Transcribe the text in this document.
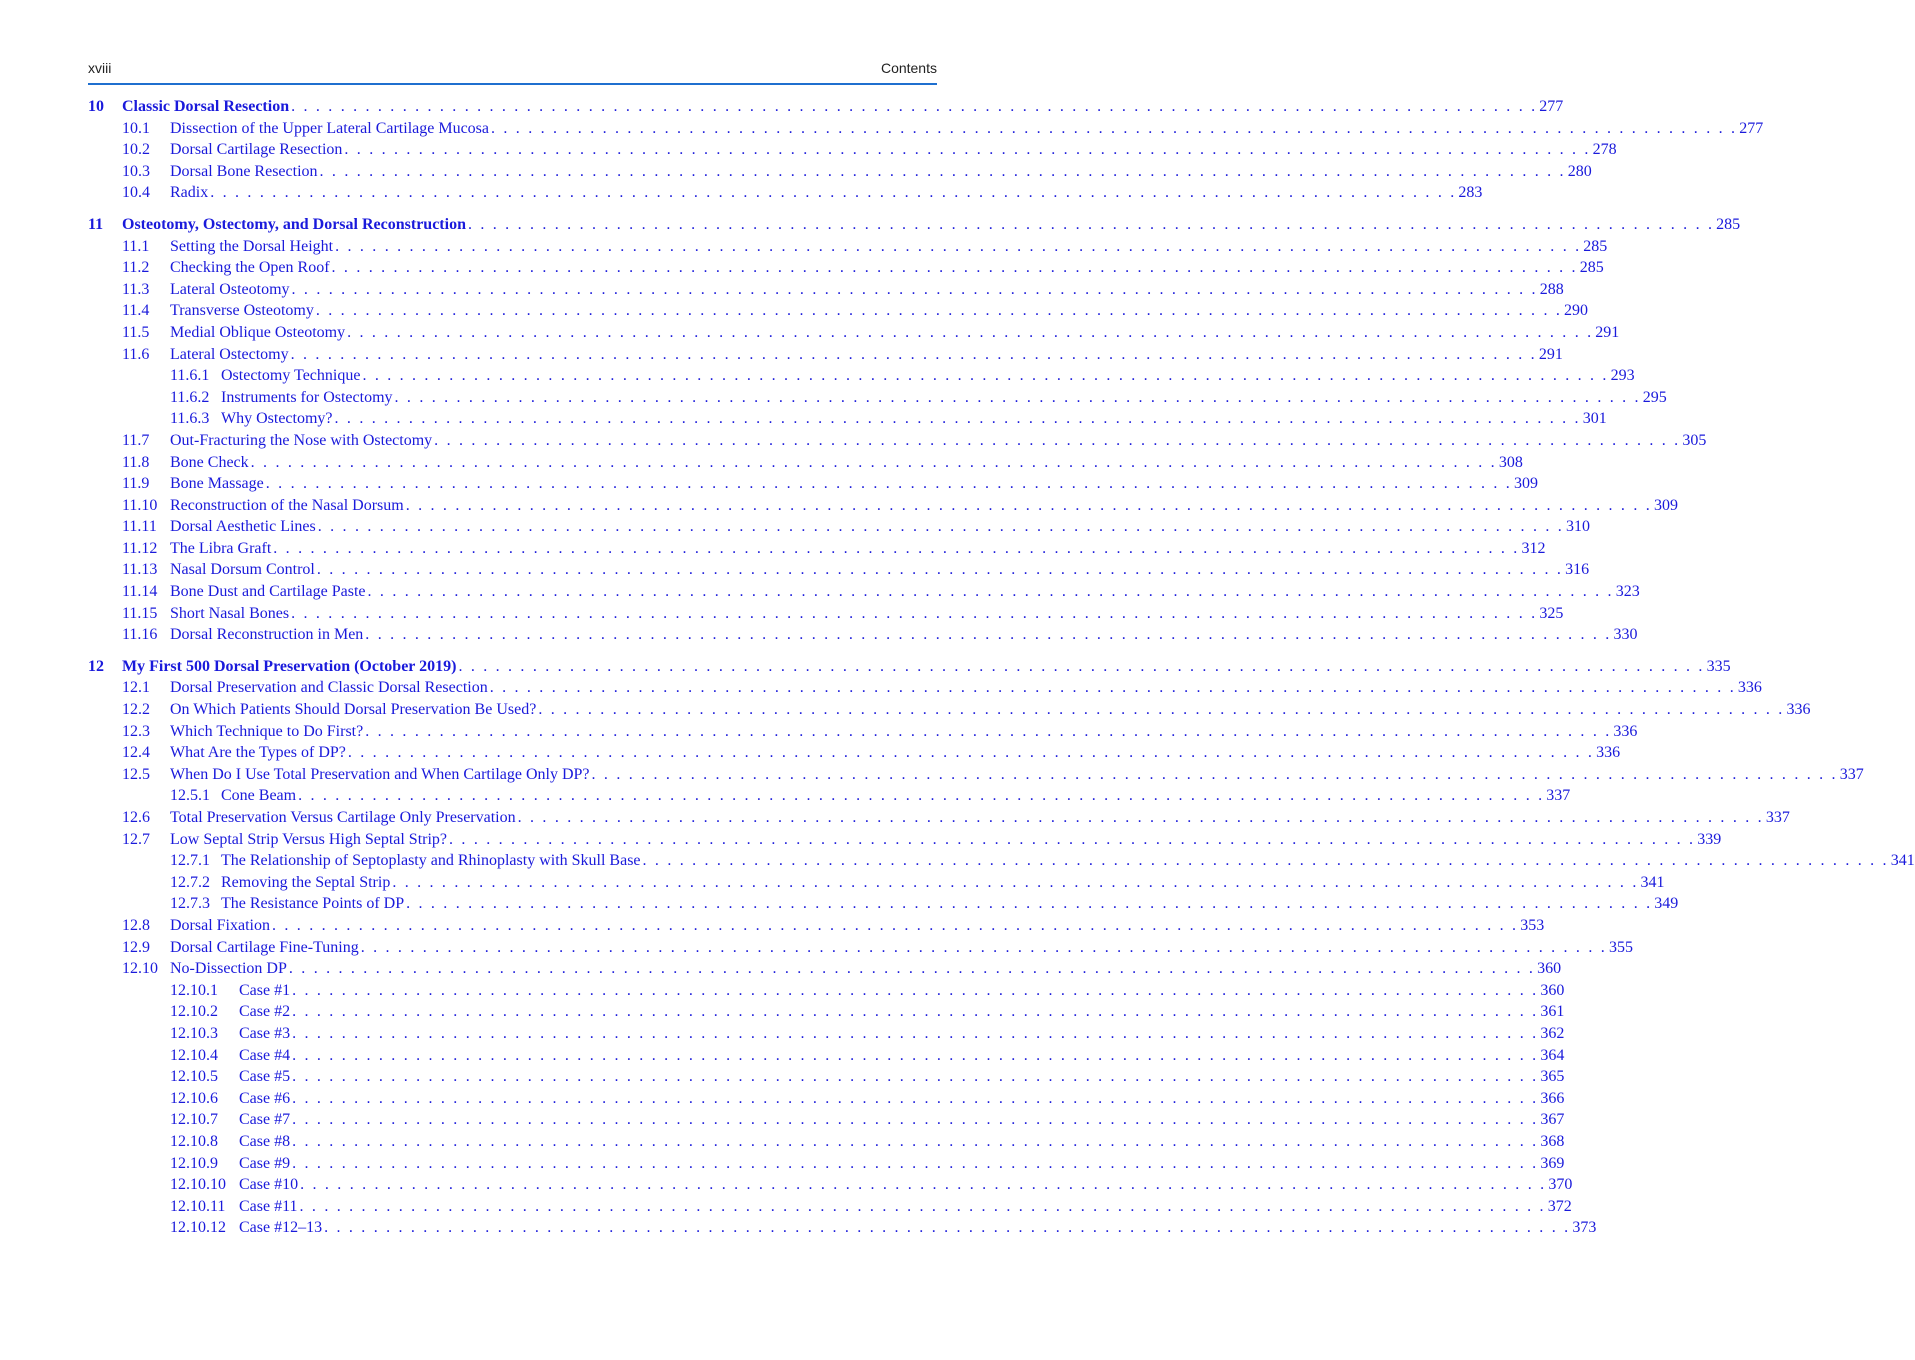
xviii	Contents
10	Classic Dorsal Resection . . . . . . . . . . . . . . . . . . . . . . . . . . . . . . . . . . . . . . . . . . . . . . . . . . . . . . . . . . . . . . . . . . . . . . . . . . . . . . . . . . . . . . . . . . . . . . . . . . . . . 277
10.1	Dissection of the Upper Lateral Cartilage Mucosa . . . . . . . . . . . . . . . . . . . . . . . . . . . . . . . . . . . . . . . . . . . . . . . . . . . . . . . . . . . . . . . . . . . . . . . . . . . . . . . . . . . . . . . . . . . . . . . . . . . . . 277
10.2	Dorsal Cartilage Resection . . . . . . . . . . . . . . . . . . . . . . . . . . . . . . . . . . . . . . . . . . . . . . . . . . . . . . . . . . . . . . . . . . . . . . . . . . . . . . . . . . . . . . . . . . . . . . . . . . . . . 278
10.3	Dorsal Bone Resection . . . . . . . . . . . . . . . . . . . . . . . . . . . . . . . . . . . . . . . . . . . . . . . . . . . . . . . . . . . . . . . . . . . . . . . . . . . . . . . . . . . . . . . . . . . . . . . . . . . . . 280
10.4	Radix . . . . . . . . . . . . . . . . . . . . . . . . . . . . . . . . . . . . . . . . . . . . . . . . . . . . . . . . . . . . . . . . . . . . . . . . . . . . . . . . . . . . . . . . . . . . . . . . . . . . . 283
11	Osteotomy, Ostectomy, and Dorsal Reconstruction . . . . . . . . . . . . . . . . . . . . . . . . . . . . . . . . . . . . . . . . . . . . . . . . . . . . . . . . . . . . . . . . . . . . . . . . . . . . . . . . . . . . . . . . . . . . . . . . . . . . . 285
11.1	Setting the Dorsal Height . . . . . . . . . . . . . . . . . . . . . . . . . . . . . . . . . . . . . . . . . . . . . . . . . . . . . . . . . . . . . . . . . . . . . . . . . . . . . . . . . . . . . . . . . . . . . . . . . . . . . 285
11.2	Checking the Open Roof . . . . . . . . . . . . . . . . . . . . . . . . . . . . . . . . . . . . . . . . . . . . . . . . . . . . . . . . . . . . . . . . . . . . . . . . . . . . . . . . . . . . . . . . . . . . . . . . . . . . . 285
11.3	Lateral Osteotomy . . . . . . . . . . . . . . . . . . . . . . . . . . . . . . . . . . . . . . . . . . . . . . . . . . . . . . . . . . . . . . . . . . . . . . . . . . . . . . . . . . . . . . . . . . . . . . . . . . . . . 288
11.4	Transverse Osteotomy . . . . . . . . . . . . . . . . . . . . . . . . . . . . . . . . . . . . . . . . . . . . . . . . . . . . . . . . . . . . . . . . . . . . . . . . . . . . . . . . . . . . . . . . . . . . . . . . . . . . . 290
11.5	Medial Oblique Osteotomy . . . . . . . . . . . . . . . . . . . . . . . . . . . . . . . . . . . . . . . . . . . . . . . . . . . . . . . . . . . . . . . . . . . . . . . . . . . . . . . . . . . . . . . . . . . . . . . . . . . . . 291
11.6	Lateral Ostectomy . . . . . . . . . . . . . . . . . . . . . . . . . . . . . . . . . . . . . . . . . . . . . . . . . . . . . . . . . . . . . . . . . . . . . . . . . . . . . . . . . . . . . . . . . . . . . . . . . . . . . 291
11.6.1 Ostectomy Technique . . . . . . . . . . . . . . . . . . . . . . . . . . . . . . . . . . . . . . . . . . . . . . . . . . . . . . . . . . . . . . . . . . . . . . . . . . . . . . . . . . . . . . . . . . . . . . . . . . . . . 293
11.6.2 Instruments for Ostectomy . . . . . . . . . . . . . . . . . . . . . . . . . . . . . . . . . . . . . . . . . . . . . . . . . . . . . . . . . . . . . . . . . . . . . . . . . . . . . . . . . . . . . . . . . . . . . . . . . . . . . 295
11.6.3 Why Ostectomy? . . . . . . . . . . . . . . . . . . . . . . . . . . . . . . . . . . . . . . . . . . . . . . . . . . . . . . . . . . . . . . . . . . . . . . . . . . . . . . . . . . . . . . . . . . . . . . . . . . . . . 301
11.7	Out-Fracturing the Nose with Ostectomy . . . . . . . . . . . . . . . . . . . . . . . . . . . . . . . . . . . . . . . . . . . . . . . . . . . . . . . . . . . . . . . . . . . . . . . . . . . . . . . . . . . . . . . . . . . . . . . . . . . . . 305
11.8	Bone Check . . . . . . . . . . . . . . . . . . . . . . . . . . . . . . . . . . . . . . . . . . . . . . . . . . . . . . . . . . . . . . . . . . . . . . . . . . . . . . . . . . . . . . . . . . . . . . . . . . . . . 308
11.9	Bone Massage . . . . . . . . . . . . . . . . . . . . . . . . . . . . . . . . . . . . . . . . . . . . . . . . . . . . . . . . . . . . . . . . . . . . . . . . . . . . . . . . . . . . . . . . . . . . . . . . . . . . . 309
11.10 Reconstruction of the Nasal Dorsum . . . . . . . . . . . . . . . . . . . . . . . . . . . . . . . . . . . . . . . . . . . . . . . . . . . . . . . . . . . . . . . . . . . . . . . . . . . . . . . . . . . . . . . . . . . . . . . . . . . . . 309
11.11 Dorsal Aesthetic Lines . . . . . . . . . . . . . . . . . . . . . . . . . . . . . . . . . . . . . . . . . . . . . . . . . . . . . . . . . . . . . . . . . . . . . . . . . . . . . . . . . . . . . . . . . . . . . . . . . . . . . 310
11.12 The Libra Graft . . . . . . . . . . . . . . . . . . . . . . . . . . . . . . . . . . . . . . . . . . . . . . . . . . . . . . . . . . . . . . . . . . . . . . . . . . . . . . . . . . . . . . . . . . . . . . . . . . . . . 312
11.13 Nasal Dorsum Control . . . . . . . . . . . . . . . . . . . . . . . . . . . . . . . . . . . . . . . . . . . . . . . . . . . . . . . . . . . . . . . . . . . . . . . . . . . . . . . . . . . . . . . . . . . . . . . . . . . . . 316
11.14 Bone Dust and Cartilage Paste . . . . . . . . . . . . . . . . . . . . . . . . . . . . . . . . . . . . . . . . . . . . . . . . . . . . . . . . . . . . . . . . . . . . . . . . . . . . . . . . . . . . . . . . . . . . . . . . . . . . . 323
11.15 Short Nasal Bones . . . . . . . . . . . . . . . . . . . . . . . . . . . . . . . . . . . . . . . . . . . . . . . . . . . . . . . . . . . . . . . . . . . . . . . . . . . . . . . . . . . . . . . . . . . . . . . . . . . . . 325
11.16 Dorsal Reconstruction in Men . . . . . . . . . . . . . . . . . . . . . . . . . . . . . . . . . . . . . . . . . . . . . . . . . . . . . . . . . . . . . . . . . . . . . . . . . . . . . . . . . . . . . . . . . . . . . . . . . . . . . 330
12	My First 500 Dorsal Preservation (October 2019) . . . . . . . . . . . . . . . . . . . . . . . . . . . . . . . . . . . . . . . . . . . . . . . . . . . . . . . . . . . . . . . . . . . . . . . . . . . . . . . . . . . . . . . . . . . . . . . . . . . . . 335
12.1	Dorsal Preservation and Classic Dorsal Resection . . . . . . . . . . . . . . . . . . . . . . . . . . . . . . . . . . . . . . . . . . . . . . . . . . . . . . . . . . . . . . . . . . . . . . . . . . . . . . . . . . . . . . . . . . . . . . . . . . . . . 336
12.2	On Which Patients Should Dorsal Preservation Be Used? . . . . . . . . . . . . . . . . . . . . . . . . . . . . . . . . . . . . . . . . . . . . . . . . . . . . . . . . . . . . . . . . . . . . . . . . . . . . . . . . . . . . . . . . . . . . . . . . . . . . . 336
12.3	Which Technique to Do First? . . . . . . . . . . . . . . . . . . . . . . . . . . . . . . . . . . . . . . . . . . . . . . . . . . . . . . . . . . . . . . . . . . . . . . . . . . . . . . . . . . . . . . . . . . . . . . . . . . . . . 336
12.4	What Are the Types of DP? . . . . . . . . . . . . . . . . . . . . . . . . . . . . . . . . . . . . . . . . . . . . . . . . . . . . . . . . . . . . . . . . . . . . . . . . . . . . . . . . . . . . . . . . . . . . . . . . . . . . . 336
12.5	When Do I Use Total Preservation and When Cartilage Only DP? . . . . . . . . . . . . . . . . . . . . . . . . . . . . . . . . . . . . . . . . . . . . . . . . . . . . . . . . . . . . . . . . . . . . . . . . . . . . . . . . . . . . . . . . . . . . . . . . . . . . . 337
12.5.1 Cone Beam . . . . . . . . . . . . . . . . . . . . . . . . . . . . . . . . . . . . . . . . . . . . . . . . . . . . . . . . . . . . . . . . . . . . . . . . . . . . . . . . . . . . . . . . . . . . . . . . . . . . . 337
12.6	Total Preservation Versus Cartilage Only Preservation . . . . . . . . . . . . . . . . . . . . . . . . . . . . . . . . . . . . . . . . . . . . . . . . . . . . . . . . . . . . . . . . . . . . . . . . . . . . . . . . . . . . . . . . . . . . . . . . . . . . . 337
12.7	Low Septal Strip Versus High Septal Strip? . . . . . . . . . . . . . . . . . . . . . . . . . . . . . . . . . . . . . . . . . . . . . . . . . . . . . . . . . . . . . . . . . . . . . . . . . . . . . . . . . . . . . . . . . . . . . . . . . . . . . 339
12.7.1 The Relationship of Septoplasty and Rhinoplasty with Skull Base . . . . . . . . . . . . . . . . . . . . . . . . . . . . . . . . . . . . . . . . . . . . . . . . . . . . . . . . . . . . . . . . . . . . . . . . . . . . . . . . . . . . . . . . . . . . . . . . . . . . . 341
12.7.2 Removing the Septal Strip . . . . . . . . . . . . . . . . . . . . . . . . . . . . . . . . . . . . . . . . . . . . . . . . . . . . . . . . . . . . . . . . . . . . . . . . . . . . . . . . . . . . . . . . . . . . . . . . . . . . . 341
12.7.3 The Resistance Points of DP . . . . . . . . . . . . . . . . . . . . . . . . . . . . . . . . . . . . . . . . . . . . . . . . . . . . . . . . . . . . . . . . . . . . . . . . . . . . . . . . . . . . . . . . . . . . . . . . . . . . . 349
12.8	Dorsal Fixation . . . . . . . . . . . . . . . . . . . . . . . . . . . . . . . . . . . . . . . . . . . . . . . . . . . . . . . . . . . . . . . . . . . . . . . . . . . . . . . . . . . . . . . . . . . . . . . . . . . . . 353
12.9	Dorsal Cartilage Fine-Tuning . . . . . . . . . . . . . . . . . . . . . . . . . . . . . . . . . . . . . . . . . . . . . . . . . . . . . . . . . . . . . . . . . . . . . . . . . . . . . . . . . . . . . . . . . . . . . . . . . . . . . 355
12.10 No-Dissection DP . . . . . . . . . . . . . . . . . . . . . . . . . . . . . . . . . . . . . . . . . . . . . . . . . . . . . . . . . . . . . . . . . . . . . . . . . . . . . . . . . . . . . . . . . . . . . . . . . . . . . 360
12.10.1	Case #1 . . . . . . . . . . . . . . . . . . . . . . . . . . . . . . . . . . . . . . . . . . . . . . . . . . . . . . . . . . . . . . . . . . . . . . . . . . . . . . . . . . . . . . . . . . . . . . . . . . . . . 360
12.10.2	Case #2 . . . . . . . . . . . . . . . . . . . . . . . . . . . . . . . . . . . . . . . . . . . . . . . . . . . . . . . . . . . . . . . . . . . . . . . . . . . . . . . . . . . . . . . . . . . . . . . . . . . . . 361
12.10.3	Case #3 . . . . . . . . . . . . . . . . . . . . . . . . . . . . . . . . . . . . . . . . . . . . . . . . . . . . . . . . . . . . . . . . . . . . . . . . . . . . . . . . . . . . . . . . . . . . . . . . . . . . . 362
12.10.4	Case #4 . . . . . . . . . . . . . . . . . . . . . . . . . . . . . . . . . . . . . . . . . . . . . . . . . . . . . . . . . . . . . . . . . . . . . . . . . . . . . . . . . . . . . . . . . . . . . . . . . . . . . 364
12.10.5	Case #5 . . . . . . . . . . . . . . . . . . . . . . . . . . . . . . . . . . . . . . . . . . . . . . . . . . . . . . . . . . . . . . . . . . . . . . . . . . . . . . . . . . . . . . . . . . . . . . . . . . . . . 365
12.10.6	Case #6 . . . . . . . . . . . . . . . . . . . . . . . . . . . . . . . . . . . . . . . . . . . . . . . . . . . . . . . . . . . . . . . . . . . . . . . . . . . . . . . . . . . . . . . . . . . . . . . . . . . . . 366
12.10.7	Case #7 . . . . . . . . . . . . . . . . . . . . . . . . . . . . . . . . . . . . . . . . . . . . . . . . . . . . . . . . . . . . . . . . . . . . . . . . . . . . . . . . . . . . . . . . . . . . . . . . . . . . . 367
12.10.8	Case #8 . . . . . . . . . . . . . . . . . . . . . . . . . . . . . . . . . . . . . . . . . . . . . . . . . . . . . . . . . . . . . . . . . . . . . . . . . . . . . . . . . . . . . . . . . . . . . . . . . . . . . 368
12.10.9	Case #9 . . . . . . . . . . . . . . . . . . . . . . . . . . . . . . . . . . . . . . . . . . . . . . . . . . . . . . . . . . . . . . . . . . . . . . . . . . . . . . . . . . . . . . . . . . . . . . . . . . . . . 369
12.10.10 Case #10 . . . . . . . . . . . . . . . . . . . . . . . . . . . . . . . . . . . . . . . . . . . . . . . . . . . . . . . . . . . . . . . . . . . . . . . . . . . . . . . . . . . . . . . . . . . . . . . . . . . . . 370
12.10.11 Case #11 . . . . . . . . . . . . . . . . . . . . . . . . . . . . . . . . . . . . . . . . . . . . . . . . . . . . . . . . . . . . . . . . . . . . . . . . . . . . . . . . . . . . . . . . . . . . . . . . . . . . . 372
12.10.12 Case #12–13 . . . . . . . . . . . . . . . . . . . . . . . . . . . . . . . . . . . . . . . . . . . . . . . . . . . . . . . . . . . . . . . . . . . . . . . . . . . . . . . . . . . . . . . . . . . . . . . . . . . . . 373
